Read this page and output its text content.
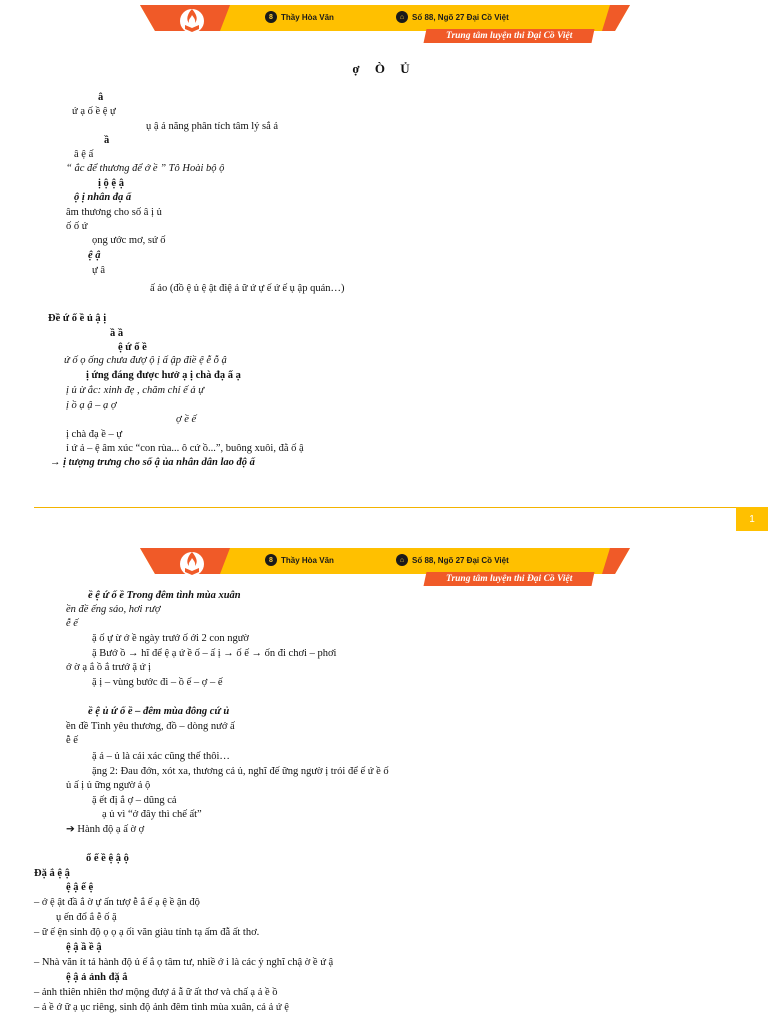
8	Thầy Hòa Văn	⌂ Số 88, Ngõ 27 Đại Cồ Việt
Trung tâm luyện thi Đại Cồ Việt
ợ Ò Ủ
â
ứ ạ ố ề ệ ự
ụ ậ ả năng phân tích tâm lý sắ ả
ầ
â ệ ấ
“ ắc để thương để ớ ề ” Tô Hoài bộ ộ
ị ộ ệ ậ
ộ ị nhân đạ ấ
âm thương cho số â ị ủ
ố ố ứ
ọng ước mơ, sứ ố
ệ ậ
ự â
ấ ảo (đồ ệ ủ ệ ật điệ ả ữ ứ ự ế ứ ế ụ ập quán…)
Đề ứ ố ề ủ ậ ị
ầ ầ
ệ ứ ố ề
ứ ố ọ ống chưa đượ ộ ị ấ ập điề ệ ễ ỗ ậ
ị ứng đáng được hưở ạ ị chà đạ ấ ạ
ị ủ ừ ắc: xinh đẹ , chăm chỉ ế ả ự
ị ồ ạ ậ – ạ ợ
ợ ề ế
ị chà đạ ề – ự
ỉ ứ ả – ệ âm xúc “con rùa... ô cứ ồ...”, buông xuôi, đằ ố ậ
→ ị tượng trưng cho số ậ ủa nhân dân lao độ ấ
1
8	Thầy Hòa Văn	⌂ Số 88, Ngõ 27 Đại Cồ Việt
Trung tâm luyện thi Đại Cồ Việt
ề ệ ứ ố ề Trong đêm tình mùa xuân
ền đề ếng sáo, hơi rượ
ễ ế
ặ ố ự ừ ớ ề ngày trướ ố ới 2 con ngườ
ặ Bướ ồ → hĩ để ệ ạ ứ ề ố – ấ ị → ố ế → ốn đi chơi – phơi
ớ ờ ạ ắ ồ ắ trướ ặ ứ ị
ặ ị – vùng bước đi – ồ ế – ợ – ế
ề ệ ủ ứ ố ề – đêm mùa đông cứ ủ
ền đề Tình yêu thương, đồ – dòng nướ ấ
ễ ế
ặ ả – ủ là cái xác cũng thế thôi…
ặng 2: Đau đớn, xót xa, thương cả ủ, nghĩ đế ững ngườ ị trói để ế ứ ề ố
ủ ấ ị ủ ững ngườ ả ộ
ặ ết đị ắ ợ – dũng cả
ạ ủ vì “ở đây thì chế ất”
➔ Hành độ ạ ấ ờ ợ
ổ ế ề ệ ậ ộ
Đặ ắ ệ ậ
ệ ậ ế ệ
– ớ ệ ật đầ ắ ờ ự ấn tượ ễ ắ ế ạ ệ ề ận độ
ụ ến đổ ắ ễ ố ặ
– ữ ế ện sinh độ ọ ọ ạ ối văn giàu tính tạ ấm đẫ ất thơ.
ệ ậ ầ ề ậ
– Nhà văn ít tả hành độ ủ ế ắ ọ tâm tư, nhiề ớ i là các ý nghĩ chậ ờ ề ứ ậ
ệ ậ ả ảnh đặ ắ
– ảnh thiên nhiên thơ mộng đượ ả ẫ ữ ất thơ và chấ ạ ả ề ồ
– ả ề ớ ữ ạ ục riêng, sinh độ ảnh đêm tình mùa xuân, cả ả ứ ệ
